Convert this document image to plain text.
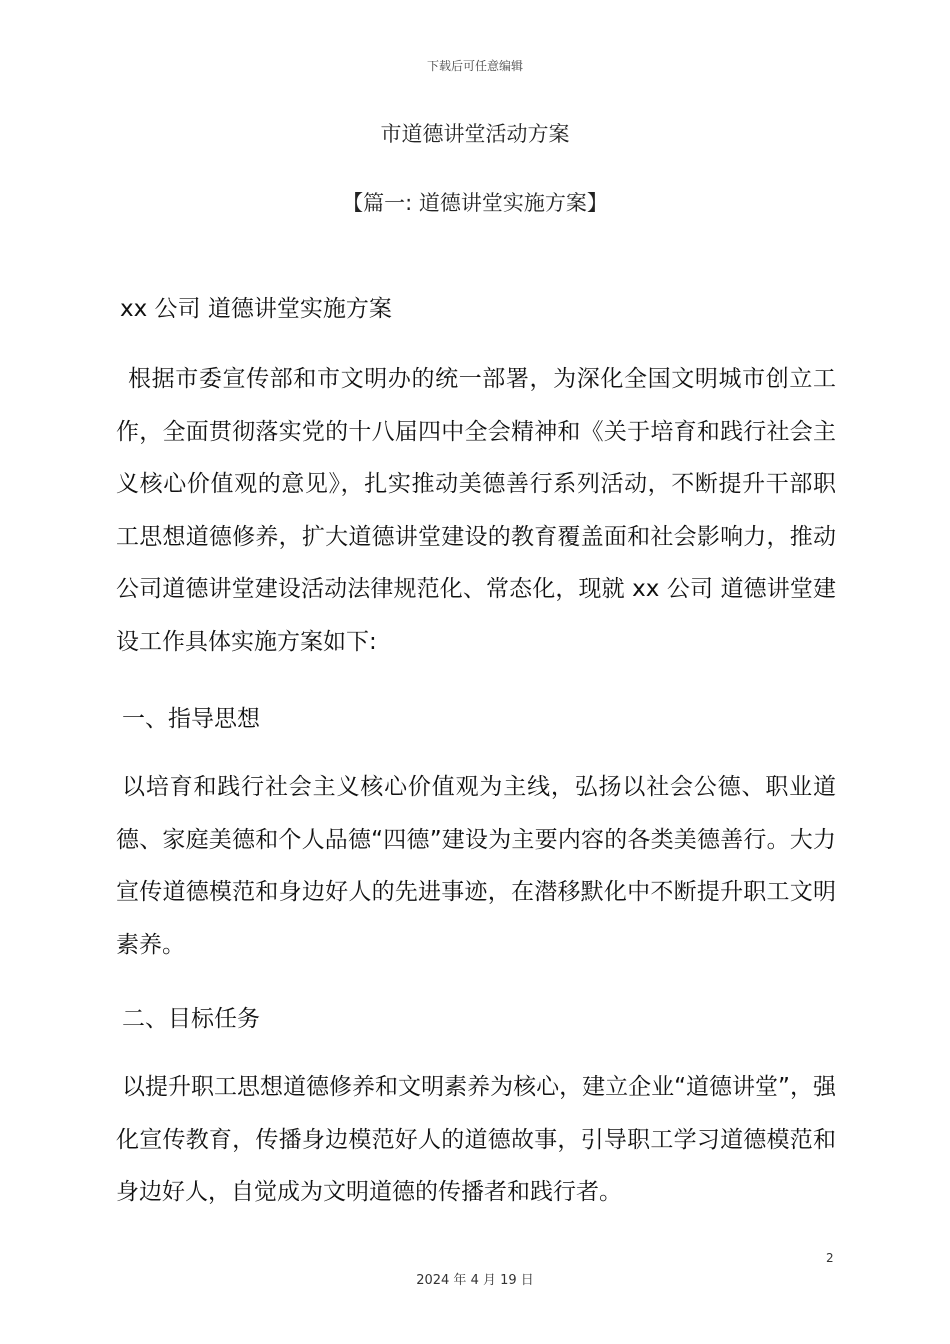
下载后可任意编辑
市道德讲堂活动方案
【篇一: 道德讲堂实施方案】
xx 公司 道德讲堂实施方案

根据市委宣传部和市文明办的统一部署，为深化全国文明城市创立工作，全面贯彻落实党的十八届四中全会精神和《关于培育和践行社会主义核心价值观的意见》，扎实推动美德善行系列活动，不断提升干部职工思想道德修养，扩大道德讲堂建设的教育覆盖面和社会影响力，推动公司道德讲堂建设活动法律规范化、常态化，现就 xx 公司 道德讲堂建设工作具体实施方案如下:

一、指导思想

以培育和践行社会主义核心价值观为主线，弘扬以社会公德、职业道德、家庭美德和个人品德“四德”建设为主要内容的各类美德善行。大力宣传道德模范和身边好人的先进事迹，在潜移默化中不断提升职工文明素养。

二、目标任务

以提升职工思想道德修养和文明素养为核心，建立企业“道德讲堂”，强化宣传教育，传播身边模范好人的道德故事，引导职工学习道德模范和身边好人，自觉成为文明道德的传播者和践行者。

2
2024 年 4 月 19 日
